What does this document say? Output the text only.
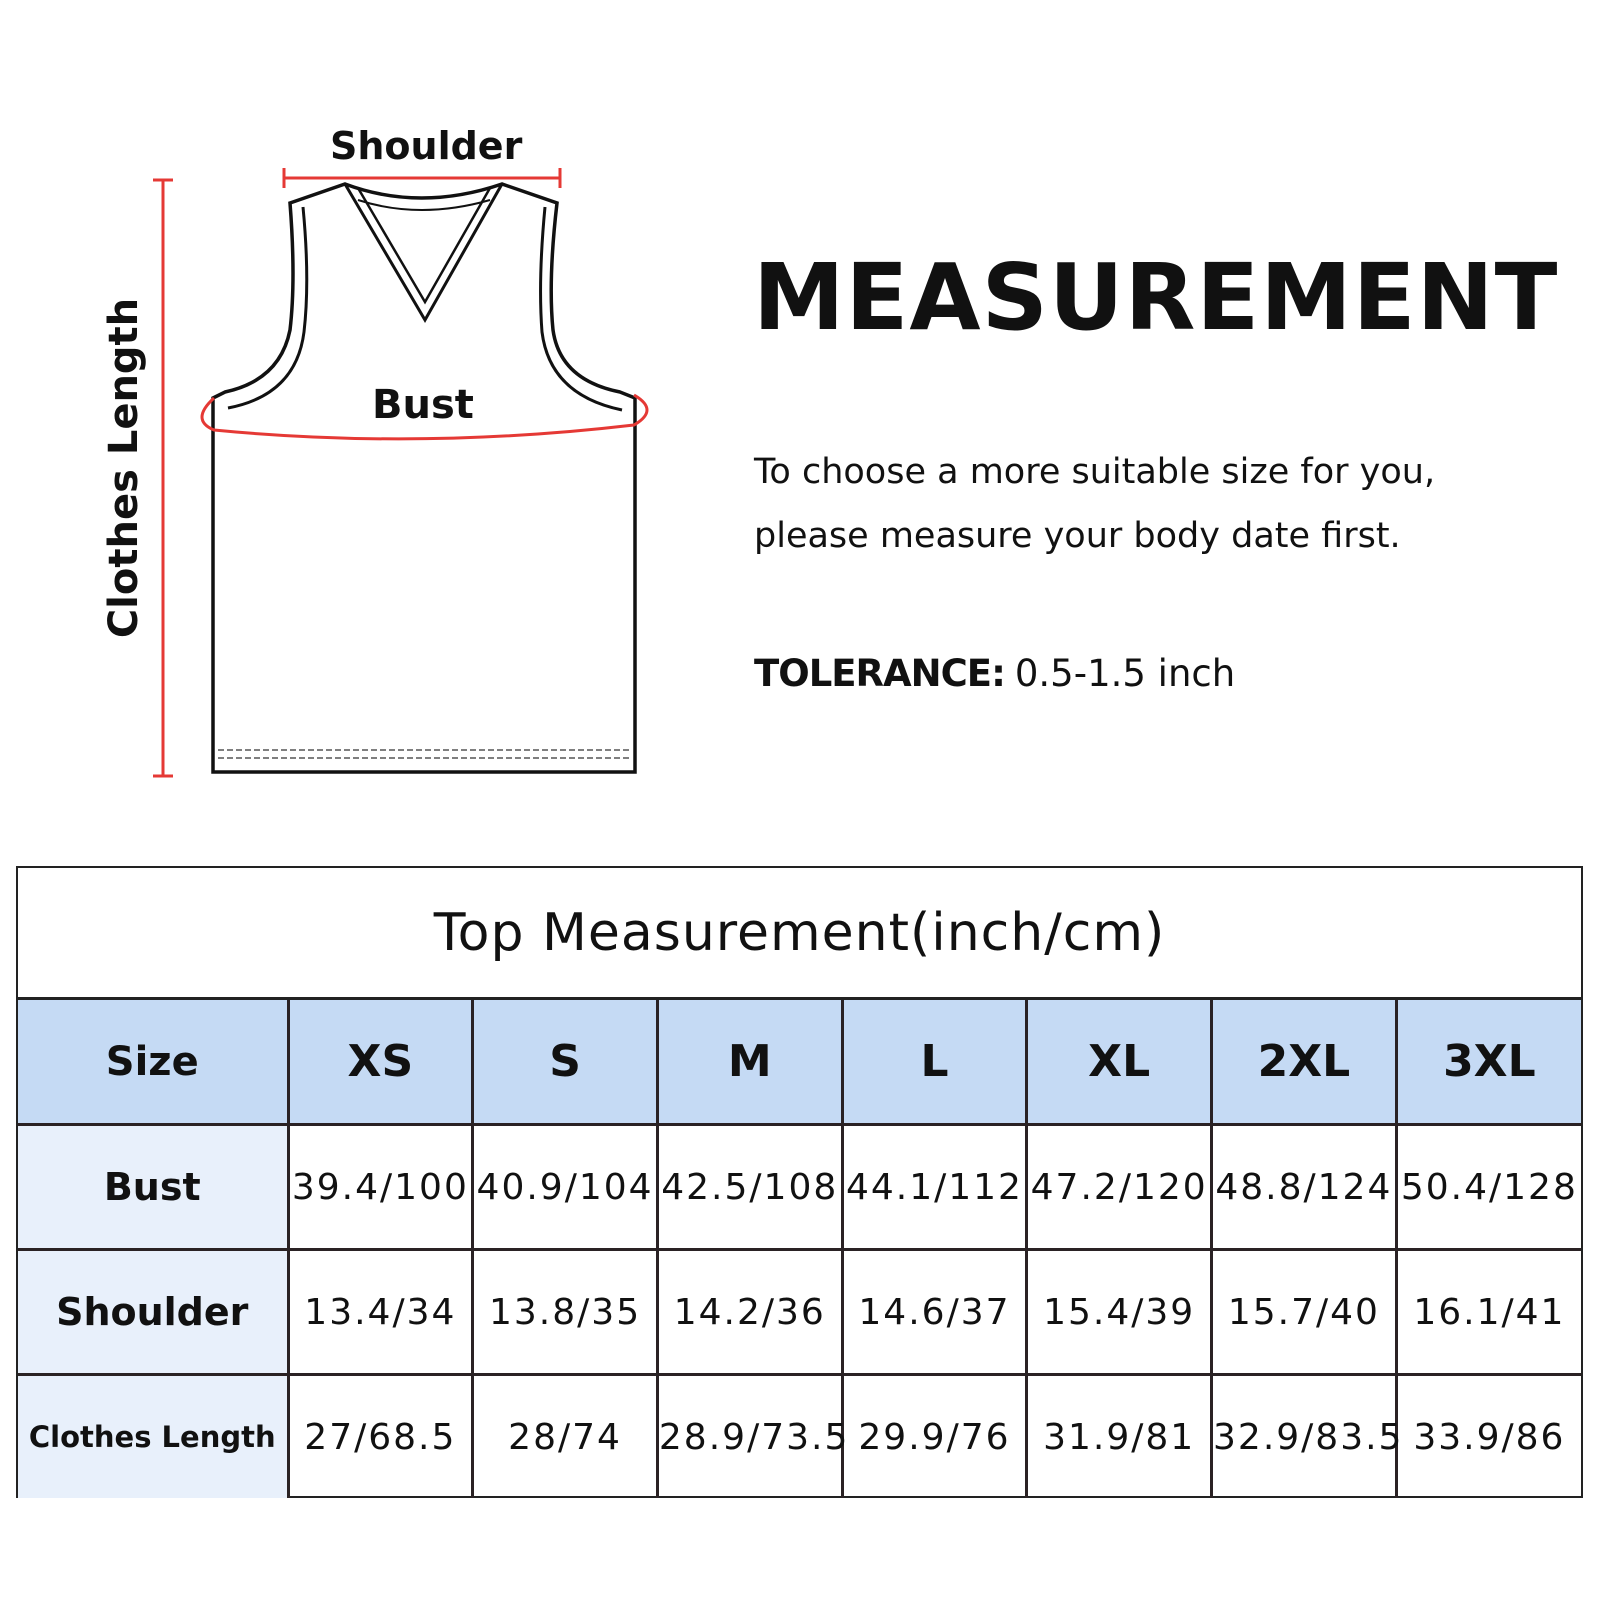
Shoulder
Bust
Clothes Length
MEASUREMENT
To choose a more suitable size for you,
please measure your body date first.
TOLERANCE: 0.5-1.5 inch
Top Measurement(inch/cm)
Size	XS	S	M	L	XL	2XL	3XL
Bust	39.4/100	40.9/104	42.5/108	44.1/112	47.2/120	48.8/124	50.4/128
Shoulder	13.4/34	13.8/35	14.2/36	14.6/37	15.4/39	15.7/40	16.1/41
Clothes Length	27/68.5	28/74	28.9/73.5	29.9/76	31.9/81	32.9/83.5	33.9/86
